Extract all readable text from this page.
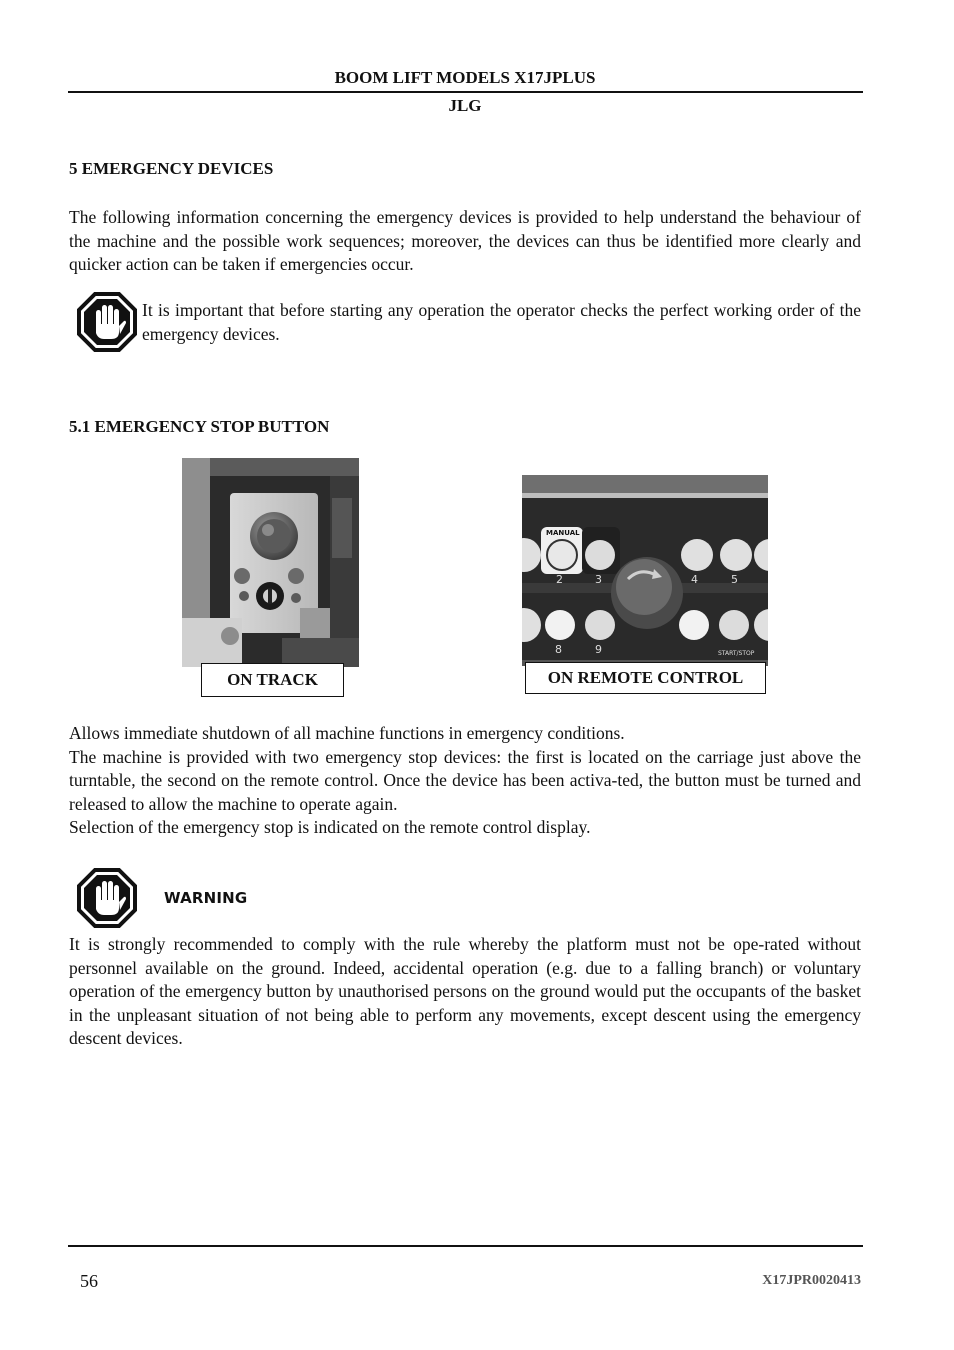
BOOM LIFT MODELS X17JPLUS
JLG
5 EMERGENCY DEVICES

The following information concerning the emergency devices is provided to help understand the behaviour of the machine and the possible work sequences; moreover, the devices can thus be identified more clearly and quicker action can be taken if emergencies occur.

It is important that before starting any operation the operator checks the perfect working order of the emergency devices.

5.1 EMERGENCY STOP BUTTON
ON TRACK
MANUAL
2	3	4	5
8	9	START/STOP
ON REMOTE CONTROL

Allows immediate shutdown of all machine functions in emergency conditions.

The machine is provided with two emergency stop devices: the first is located on the carriage just above the turntable, the second on the remote control. Once the device has been activa-ted, the button must be turned and released to allow the machine to operate again.

Selection of the emergency stop is indicated on the remote control display.

WARNING

It is strongly recommended to comply with the rule whereby the platform must not be ope-rated without personnel available on the ground. Indeed, accidental operation (e.g. due to a falling branch) or voluntary operation of the emergency button by unauthorised persons on the ground would put the occupants of the basket in the unpleasant situation of not being able to perform any movements, except descent using the emergency descent devices.

56	X17JPR0020413
